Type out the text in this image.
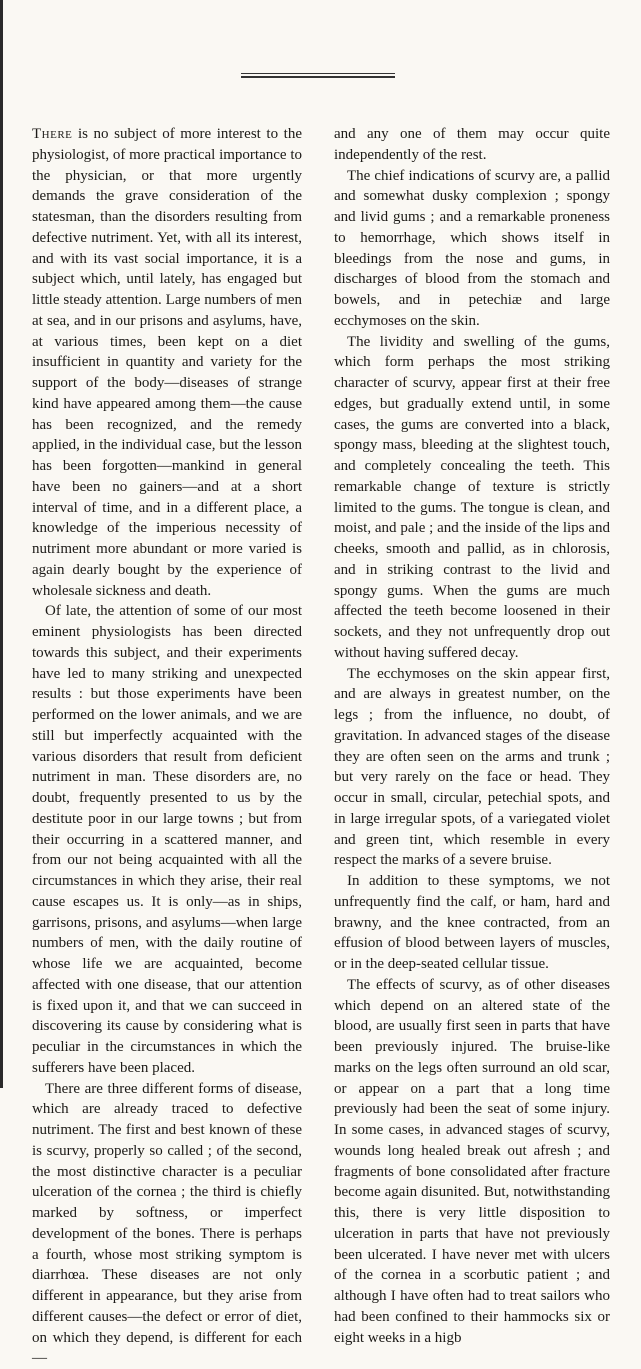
There is no subject of more interest to the physiologist, of more practical importance to the physician, or that more urgently demands the grave consideration of the statesman, than the disorders resulting from defective nutriment. Yet, with all its interest, and with its vast social importance, it is a subject which, until lately, has engaged but little steady attention. Large numbers of men at sea, and in our prisons and asylums, have, at various times, been kept on a diet insufficient in quantity and variety for the support of the body—diseases of strange kind have appeared among them—the cause has been recognized, and the remedy applied, in the individual case, but the lesson has been forgotten—mankind in general have been no gainers—and at a short interval of time, and in a different place, a knowledge of the imperious necessity of nutriment more abundant or more varied is again dearly bought by the experience of wholesale sickness and death.

Of late, the attention of some of our most eminent physiologists has been directed towards this subject, and their experiments have led to many striking and unexpected results : but those experiments have been performed on the lower animals, and we are still but imperfectly acquainted with the various disorders that result from deficient nutriment in man. These disorders are, no doubt, frequently presented to us by the destitute poor in our large towns ; but from their occurring in a scattered manner, and from our not being acquainted with all the circumstances in which they arise, their real cause escapes us. It is only—as in ships, garrisons, prisons, and asylums—when large numbers of men, with the daily routine of whose life we are acquainted, become affected with one disease, that our attention is fixed upon it, and that we can succeed in discovering its cause by considering what is peculiar in the circumstances in which the sufferers have been placed.

There are three different forms of disease, which are already traced to defective nutriment. The first and best known of these is scurvy, properly so called ; of the second, the most distinctive character is a peculiar ulceration of the cornea ; the third is chiefly marked by softness, or imperfect development of the bones. There is perhaps a fourth, whose most striking symptom is diarrhœa. These diseases are not only different in appearance, but they arise from different causes—the defect or error of diet, on which they depend, is different for each—

and any one of them may occur quite independently of the rest.

The chief indications of scurvy are, a pallid and somewhat dusky complexion ; spongy and livid gums ; and a remarkable proneness to hemorrhage, which shows itself in bleedings from the nose and gums, in discharges of blood from the stomach and bowels, and in petechiæ and large ecchymoses on the skin.

The lividity and swelling of the gums, which form perhaps the most striking character of scurvy, appear first at their free edges, but gradually extend until, in some cases, the gums are converted into a black, spongy mass, bleeding at the slightest touch, and completely concealing the teeth. This remarkable change of texture is strictly limited to the gums. The tongue is clean, and moist, and pale ; and the inside of the lips and cheeks, smooth and pallid, as in chlorosis, and in striking contrast to the livid and spongy gums. When the gums are much affected the teeth become loosened in their sockets, and they not unfrequently drop out without having suffered decay.

The ecchymoses on the skin appear first, and are always in greatest number, on the legs ; from the influence, no doubt, of gravitation. In advanced stages of the disease they are often seen on the arms and trunk ; but very rarely on the face or head. They occur in small, circular, petechial spots, and in large irregular spots, of a variegated violet and green tint, which resemble in every respect the marks of a severe bruise.

In addition to these symptoms, we not unfrequently find the calf, or ham, hard and brawny, and the knee contracted, from an effusion of blood between layers of muscles, or in the deep-seated cellular tissue.

The effects of scurvy, as of other diseases which depend on an altered state of the blood, are usually first seen in parts that have been previously injured. The bruise-like marks on the legs often surround an old scar, or appear on a part that a long time previously had been the seat of some injury. In some cases, in advanced stages of scurvy, wounds long healed break out afresh ; and fragments of bone consolidated after fracture become again disunited. But, notwithstanding this, there is very little disposition to ulceration in parts that have not previously been ulcerated. I have never met with ulcers of the cornea in a scorbutic patient ; and although I have often had to treat sailors who had been confined to their hammocks six or eight weeks in a higb
